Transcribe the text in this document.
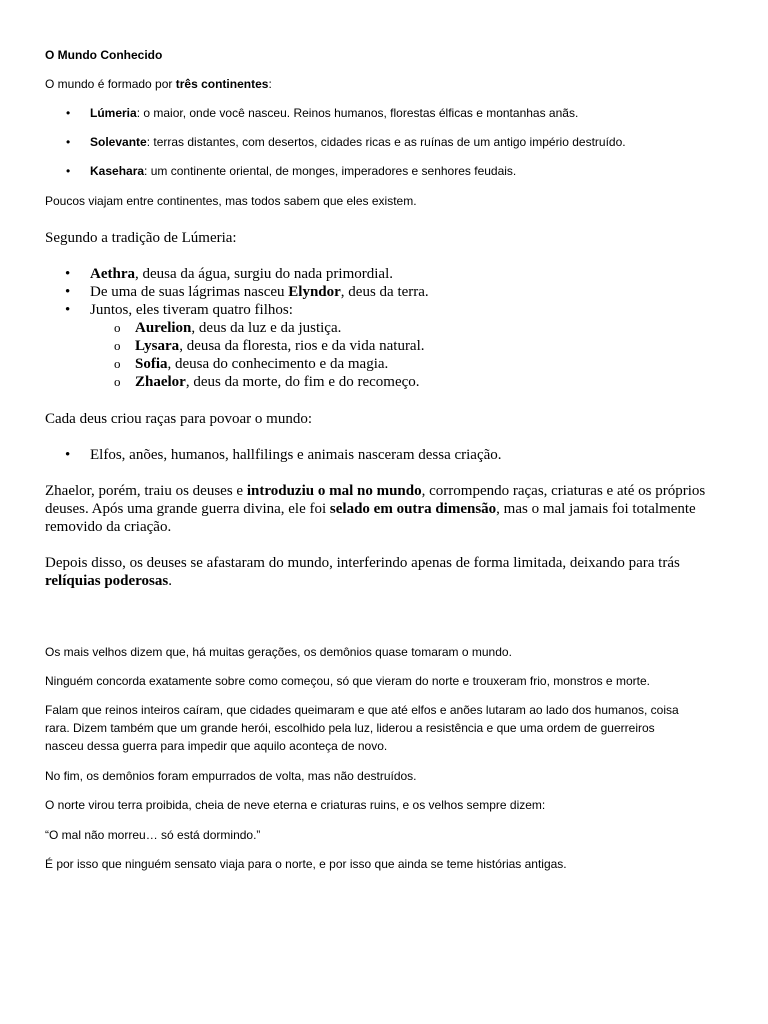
O Mundo Conhecido

O mundo é formado por três continentes:

• Lúmeria: o maior, onde você nasceu. Reinos humanos, florestas élficas e montanhas anãs.
• Solevante: terras distantes, com desertos, cidades ricas e as ruínas de um antigo império destruído.
• Kasehara: um continente oriental, de monges, imperadores e senhores feudais.

Poucos viajam entre continentes, mas todos sabem que eles existem.

Segundo a tradição de Lúmeria:

• Aethra, deusa da água, surgiu do nada primordial.
• De uma de suas lágrimas nasceu Elyndor, deus da terra.
• Juntos, eles tiveram quatro filhos:
o Aurelion, deus da luz e da justiça.
o Lysara, deusa da floresta, rios e da vida natural.
o Sofia, deusa do conhecimento e da magia.
o Zhaelor, deus da morte, do fim e do recomeço.

Cada deus criou raças para povoar o mundo:

• Elfos, anões, humanos, hallfilings e animais nasceram dessa criação.

Zhaelor, porém, traiu os deuses e introduziu o mal no mundo, corrompendo raças, criaturas e até os próprios

deuses. Após uma grande guerra divina, ele foi selado em outra dimensão, mas o mal jamais foi totalmente

removido da criação.

Depois disso, os deuses se afastaram do mundo, interferindo apenas de forma limitada, deixando para trás

relíquias poderosas.

Os mais velhos dizem que, há muitas gerações, os demônios quase tomaram o mundo.

Ninguém concorda exatamente sobre como começou, só que vieram do norte e trouxeram frio, monstros e morte.

Falam que reinos inteiros caíram, que cidades queimaram e que até elfos e anões lutaram ao lado dos humanos, coisa

rara. Dizem também que um grande herói, escolhido pela luz, liderou a resistência e que uma ordem de guerreiros

nasceu dessa guerra para impedir que aquilo aconteça de novo.

No fim, os demônios foram empurrados de volta, mas não destruídos.

O norte virou terra proibida, cheia de neve eterna e criaturas ruins, e os velhos sempre dizem:

“O mal não morreu… só está dormindo.”

É por isso que ninguém sensato viaja para o norte, e por isso que ainda se teme histórias antigas.
